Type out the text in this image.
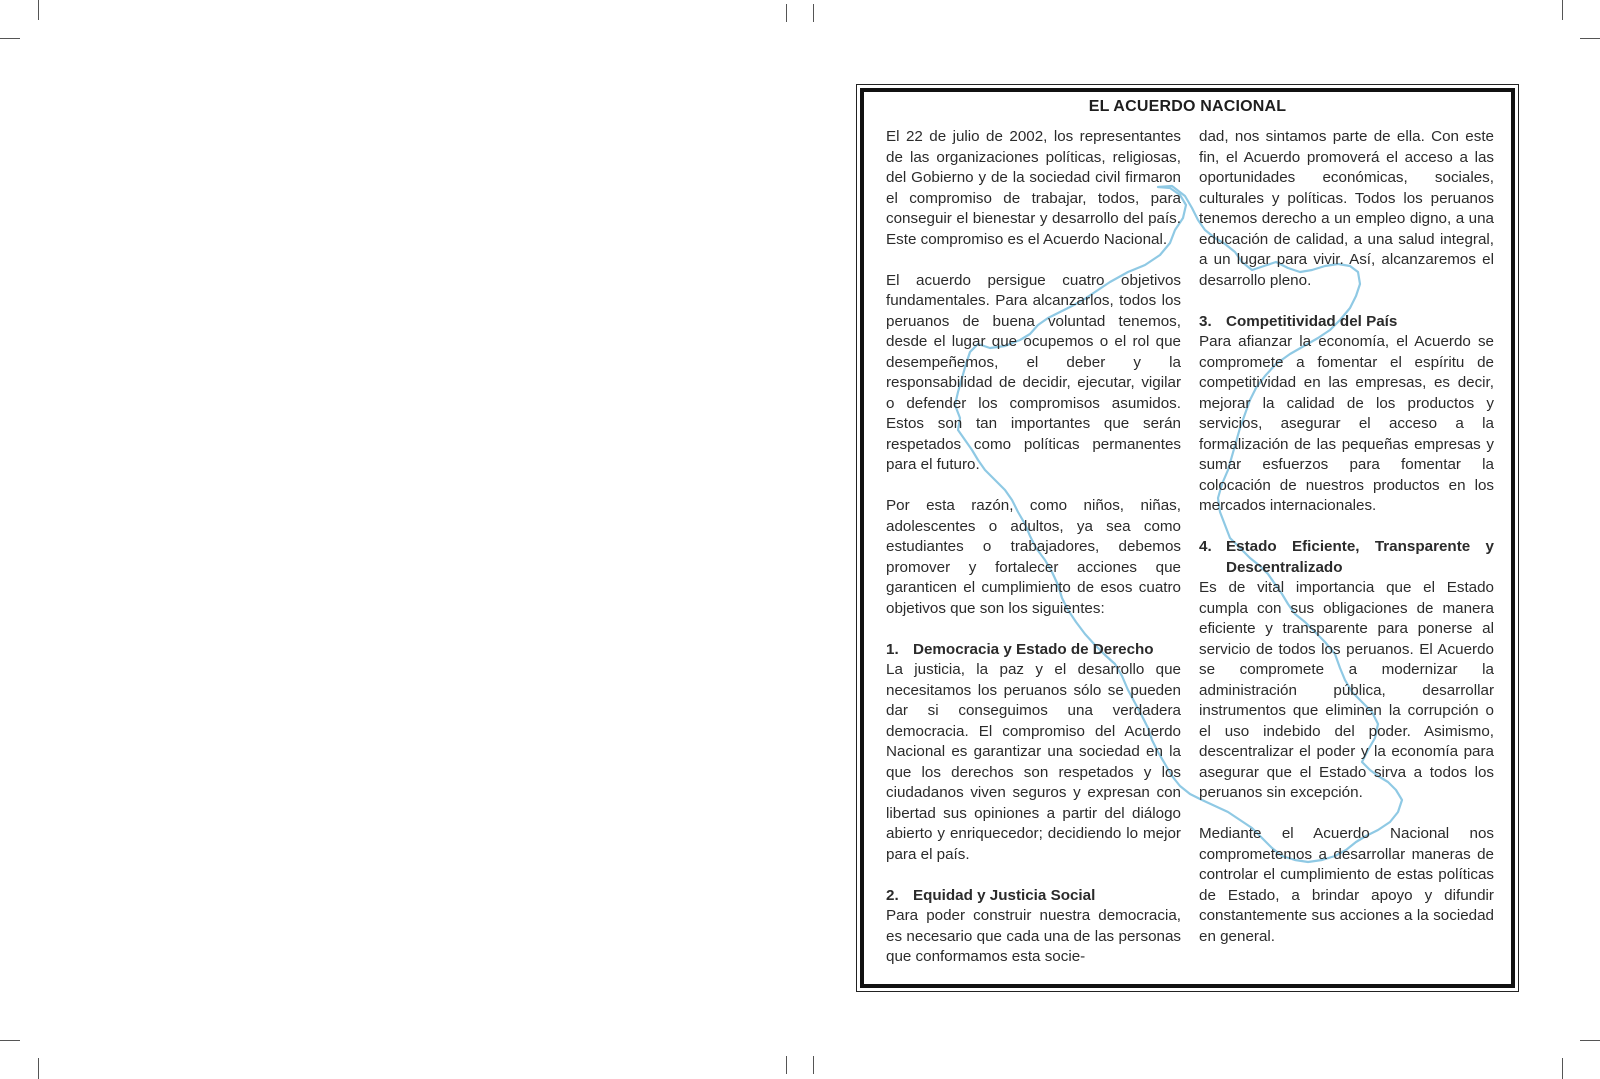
EL ACUERDO NACIONAL

El 22 de julio de 2002, los representantes de las organizaciones políticas, religiosas, del Gobierno y de la sociedad civil firmaron el compromiso de trabajar, todos, para conseguir el bienestar y desarrollo del país. Este compromiso es el Acuerdo Nacional.

El acuerdo persigue cuatro objetivos fundamentales. Para alcanzarlos, todos los peruanos de buena voluntad tenemos, desde el lugar que ocupemos o el rol que desempeñemos, el deber y la responsabilidad de decidir, ejecutar, vigilar o defender los compromisos asumidos. Estos son tan importantes que serán respetados como políticas permanentes para el futuro.

Por esta razón, como niños, niñas, adolescentes o adultos, ya sea como estudiantes o trabajadores, debemos promover y fortalecer acciones que garanticen el cumplimiento de esos cuatro objetivos que son los siguientes:

1. Democracia y Estado de Derecho

La justicia, la paz y el desarrollo que necesitamos los peruanos sólo se pueden dar si conseguimos una verdadera democracia. El compromiso del Acuerdo Nacional es garantizar una sociedad en la que los derechos son respetados y los ciudadanos viven seguros y expresan con libertad sus opiniones a partir del diálogo abierto y enriquecedor; decidiendo lo mejor para el país.

2. Equidad y Justicia Social

Para poder construir nuestra democracia, es necesario que cada una de las personas que conformamos esta socie-

dad, nos sintamos parte de ella. Con este fin, el Acuerdo promoverá el acceso a las oportunidades económicas, sociales, culturales y políticas. Todos los peruanos tenemos derecho a un empleo digno, a una educación de calidad, a una salud integral, a un lugar para vivir. Así, alcanzaremos el desarrollo pleno.

3. Competitividad del País

Para afianzar la economía, el Acuerdo se compromete a fomentar el espíritu de competitividad en las empresas, es decir, mejorar la calidad de los productos y servicios, asegurar el acceso a la formalización de las pequeñas empresas y sumar esfuerzos para fomentar la colocación de nuestros productos en los mercados internacionales.

4. Estado Eficiente, Transparente y Descentralizado

Es de vital importancia que el Estado cumpla con sus obligaciones de manera eficiente y transparente para ponerse al servicio de todos los peruanos. El Acuerdo se compromete a modernizar la administración pública, desarrollar instrumentos que eliminen la corrupción o el uso indebido del poder. Asimismo, descentralizar el poder y la economía para asegurar que el Estado sirva a todos los peruanos sin excepción.

Mediante el Acuerdo Nacional nos comprometemos a desarrollar maneras de controlar el cumplimiento de estas políticas de Estado, a brindar apoyo y difundir constantemente sus acciones a la sociedad en general.
